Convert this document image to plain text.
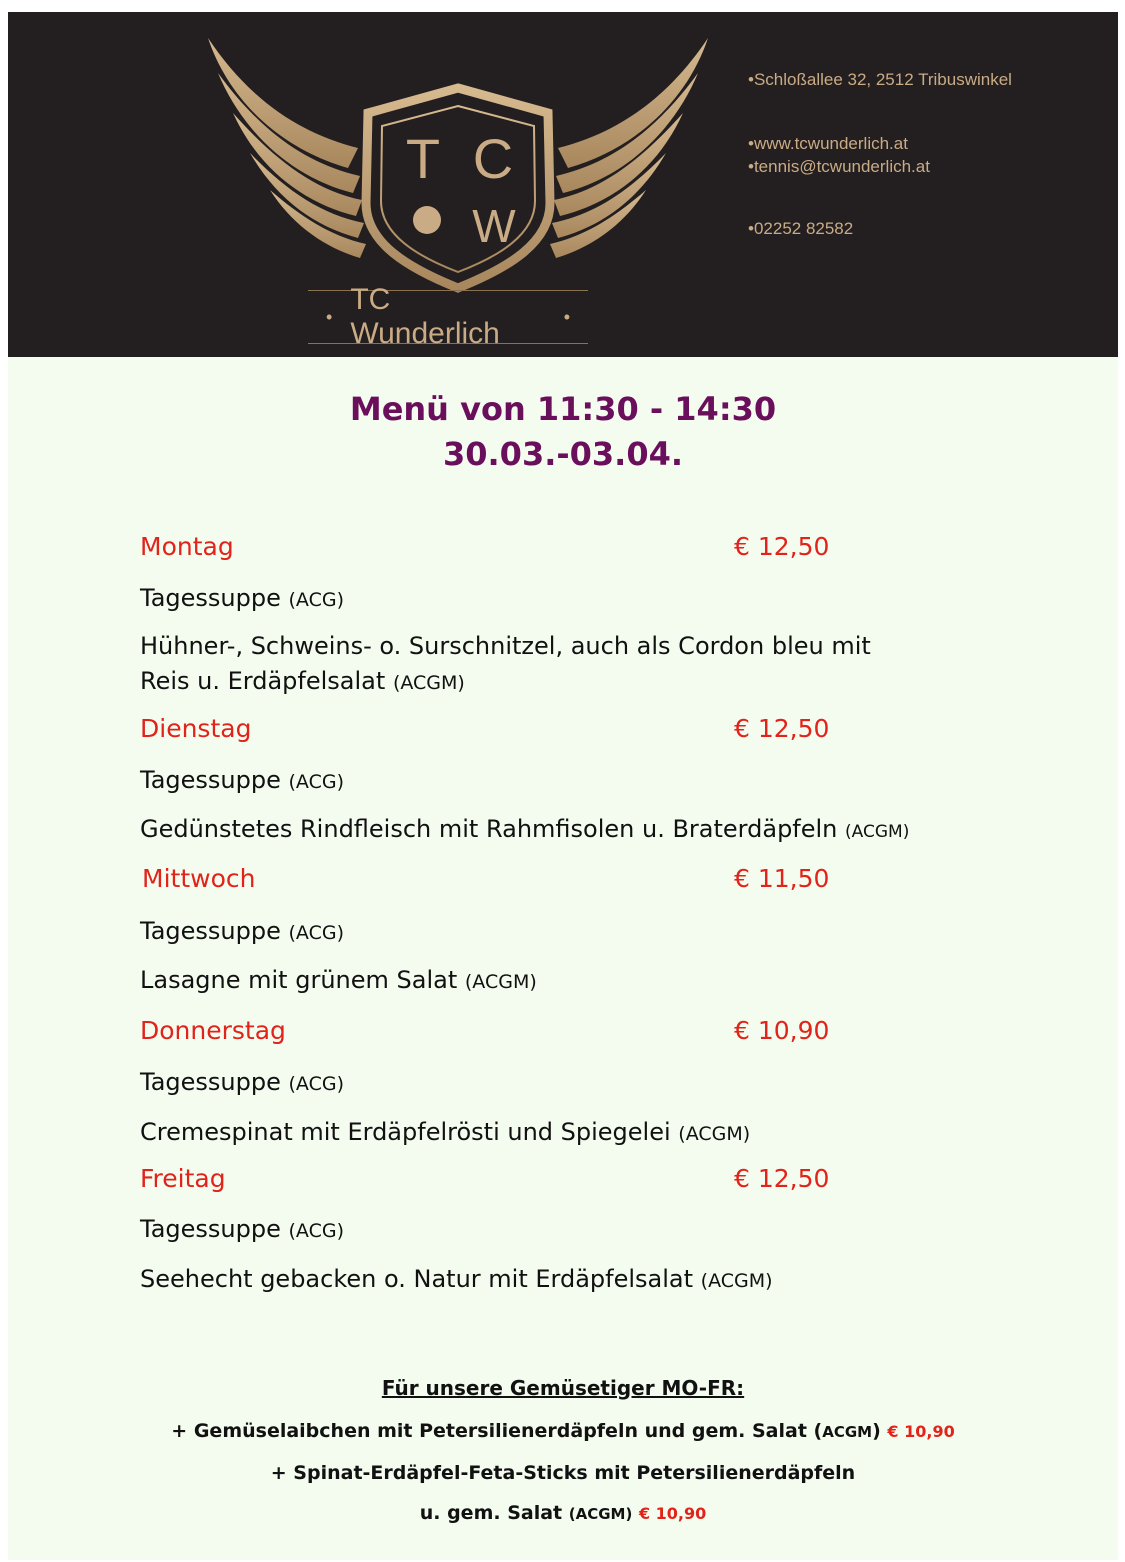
T C
W
•
TC Wunderlich
•
•Schloßallee 32, 2512 Tribuswinkel
•www.tcwunderlich.at
•tennis@tcwunderlich.at
•02252 82582
Menü von 11:30 - 14:30
30.03.-03.04.
Montag	€ 12,50
Tagessuppe (ACG)
Hühner-, Schweins- o. Surschnitzel, auch als Cordon bleu mit
Reis u. Erdäpfelsalat (ACGM)
Dienstag	€ 12,50
Tagessuppe (ACG)
Gedünstetes Rindfleisch mit Rahmfisolen u. Braterdäpfeln (ACGM)
Mittwoch	€ 11,50
Tagessuppe (ACG)
Lasagne mit grünem Salat (ACGM)
Donnerstag	€ 10,90
Tagessuppe (ACG)
Cremespinat mit Erdäpfelrösti und Spiegelei (ACGM)
Freitag	€ 12,50
Tagessuppe (ACG)
Seehecht gebacken o. Natur mit Erdäpfelsalat (ACGM)
Für unsere Gemüsetiger MO-FR:
+ Gemüselaibchen mit Petersilienerdäpfeln und gem. Salat (ACGM) € 10,90
+ Spinat-Erdäpfel-Feta-Sticks mit Petersilienerdäpfeln
u. gem. Salat (ACGM) € 10,90
